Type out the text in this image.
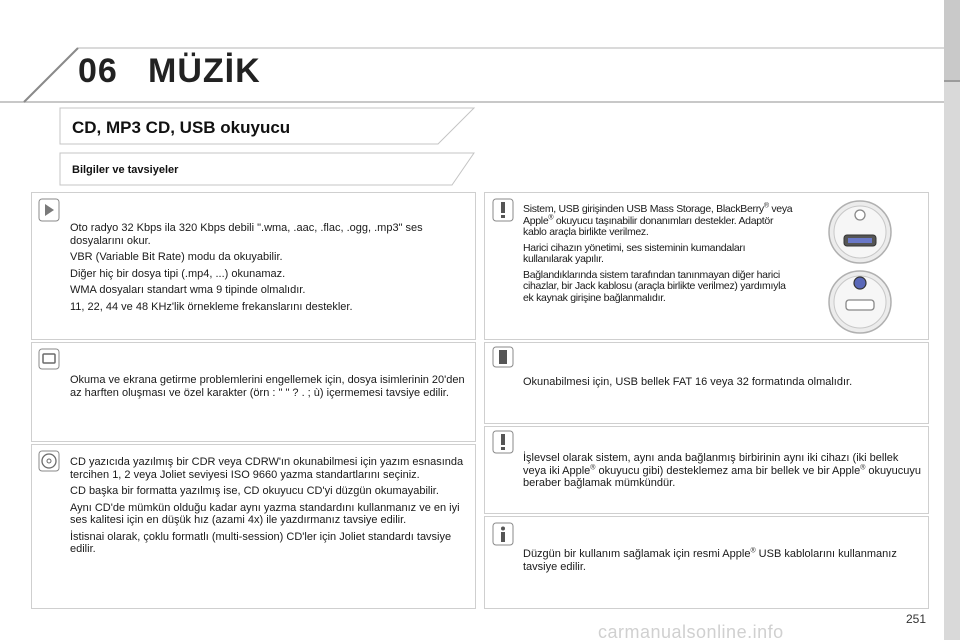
06 MÜZİK
CD, MP3 CD, USB okuyucu
Bilgiler ve tavsiyeler

Oto radyo 32 Kbps ila 320 Kbps debili ".wma, .aac, .flac, .ogg, .mp3" ses dosyalarını okur.

VBR (Variable Bit Rate) modu da okuyabilir.

Diğer hiç bir dosya tipi (.mp4, ...) okunamaz.

WMA dosyaları standart wma 9 tipinde olmalıdır.

11, 22, 44 ve 48 KHz'lik örnekleme frekanslarını destekler.

Okuma ve ekrana getirme problemlerini engellemek için, dosya isimlerinin 20'den az harften oluşması ve özel karakter (örn : " " ? . ; ù) içermemesi tavsiye edilir.

CD yazıcıda yazılmış bir CDR veya CDRW'ın okunabilmesi için yazım esnasında tercihen 1, 2 veya Joliet seviyesi ISO 9660 yazma standartlarını seçiniz.

CD başka bir formatta yazılmış ise, CD okuyucu CD'yi düzgün okumayabilir.

Aynı CD'de mümkün olduğu kadar aynı yazma standardını kullanmanız ve en iyi ses kalitesi için en düşük hız (azami 4x) ile yazdırmanız tavsiye edilir.

İstisnai olarak, çoklu formatlı (multi-session) CD'ler için Joliet standardı tavsiye edilir.

Sistem, USB girişinden USB Mass Storage, BlackBerry® veya Apple® okuyucu taşınabilir donanımları destekler. Adaptör kablo araçla birlikte verilmez.

Harici cihazın yönetimi, ses sisteminin kumandaları kullanılarak yapılır.

Bağlandıklarında sistem tarafından tanınmayan diğer harici cihazlar, bir Jack kablosu (araçla birlikte verilmez) yardımıyla ek kaynak girişine bağlanmalıdır.

Okunabilmesi için, USB bellek FAT 16 veya 32 formatında olmalıdır.
İşlevsel olarak sistem, aynı anda bağlanmış birbirinin aynı iki cihazı (iki bellek veya iki Apple® okuyucu gibi) desteklemez ama bir bellek ve bir Apple® okuyucuyu beraber bağlamak mümkündür.
Düzgün bir kullanım sağlamak için resmi Apple® USB kablolarını kullanmanız tavsiye edilir.
251
carmanualsonline.info
